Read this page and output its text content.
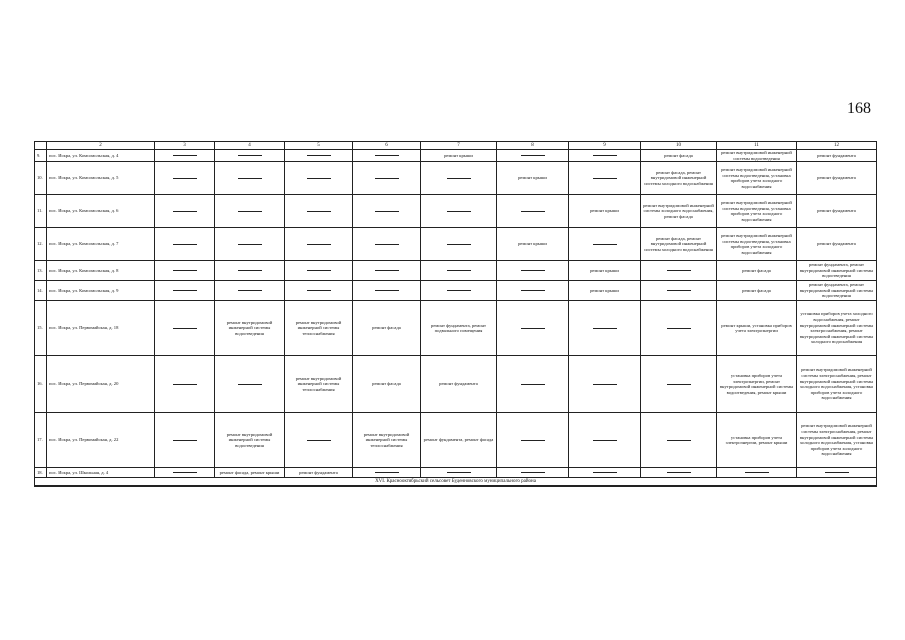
168
	2	3	4	5	6	7	8	9	10	11	12
9.	пос. Искра, ул. Комсомольская, д. 4					ремонт крыши			ремонт фасада	ремонт внутридомовой инженерной системы водоотведения	ремонт фундамента
10.	пос. Искра, ул. Комсомольская, д. 5						ремонт крыши		ремонт фасада, ремонт внутридомовой инженерной системы холодного водоснабжения	ремонт внутридомовой инженерной системы водоотведения, установка приборов учета холодного водоснабжения	ремонт фундамента
11.	пос. Искра, ул. Комсомольская, д. 6							ремонт крыши	ремонт внутридомовой инженерной системы холодного водоснабжения, ремонт фасада	ремонт внутридомовой инженерной системы водоотведения, установка приборов учета холодного водоснабжения	ремонт фундамента
12.	пос. Искра, ул. Комсомольская, д. 7						ремонт крыши		ремонт фасада, ремонт внутридомовой инженерной системы холодного водоснабжения	ремонт внутридомовой инженерной системы водоотведения, установка приборов учета холодного водоснабжения	ремонт фундамента
13.	пос. Искра, ул. Комсомольская, д. 8							ремонт крыши		ремонт фасада	ремонт фундамента, ремонт внутридомовой инженерной системы водоотведения
14.	пос. Искра, ул. Комсомольская, д. 9							ремонт крыши		ремонт фасада	ремонт фундамента, ремонт внутридомовой инженерной системы водоотведения
15.	пос. Искра, ул. Первомайская, д. 18		ремонт внутридомовой инженерной системы водоотведения	ремонт внутридомовой инженерной системы теплоснабжения	ремонт фасада	ремонт фундамента, ремонт подвального помещения				ремонт крыши, установка приборов учета электроэнергии	установка приборов учета холодного водоснабжения, ремонт внутридомовой инженерной системы электроснабжения, ремонт внутридомовой инженерной системы холодного водоснабжения
16.	пос. Искра, ул. Первомайская, д. 20			ремонт внутридомовой инженерной системы теплоснабжения	ремонт фасада	ремонт фундамента				установка приборов учета электроэнергии, ремонт внутридомовой инженерной системы водоотведения, ремонт крыши	ремонт внутридомовой инженерной системы электроснабжения, ремонт внутридомовой инженерной системы холодного водоснабжения, установка приборов учета холодного водоснабжения
17.	пос. Искра, ул. Первомайская, д. 22		ремонт внутридомовой инженерной системы водоотведения		ремонт внутридомовой инженерной системы теплоснабжения	ремонт фундамента, ремонт фасада				установка приборов учета электроэнергии, ремонт крыши	ремонт внутридомовой инженерной системы электроснабжения, ремонт внутридомовой инженерной системы холодного водоснабжения, установка приборов учета холодного водоснабжения
18.	пос. Искра, ул. Школьная, д. 4		ремонт фасада, ремонт крыши	ремонт фундамента							
XVI. Краснооктябрьский сельсовет Буденновского муниципального района											
